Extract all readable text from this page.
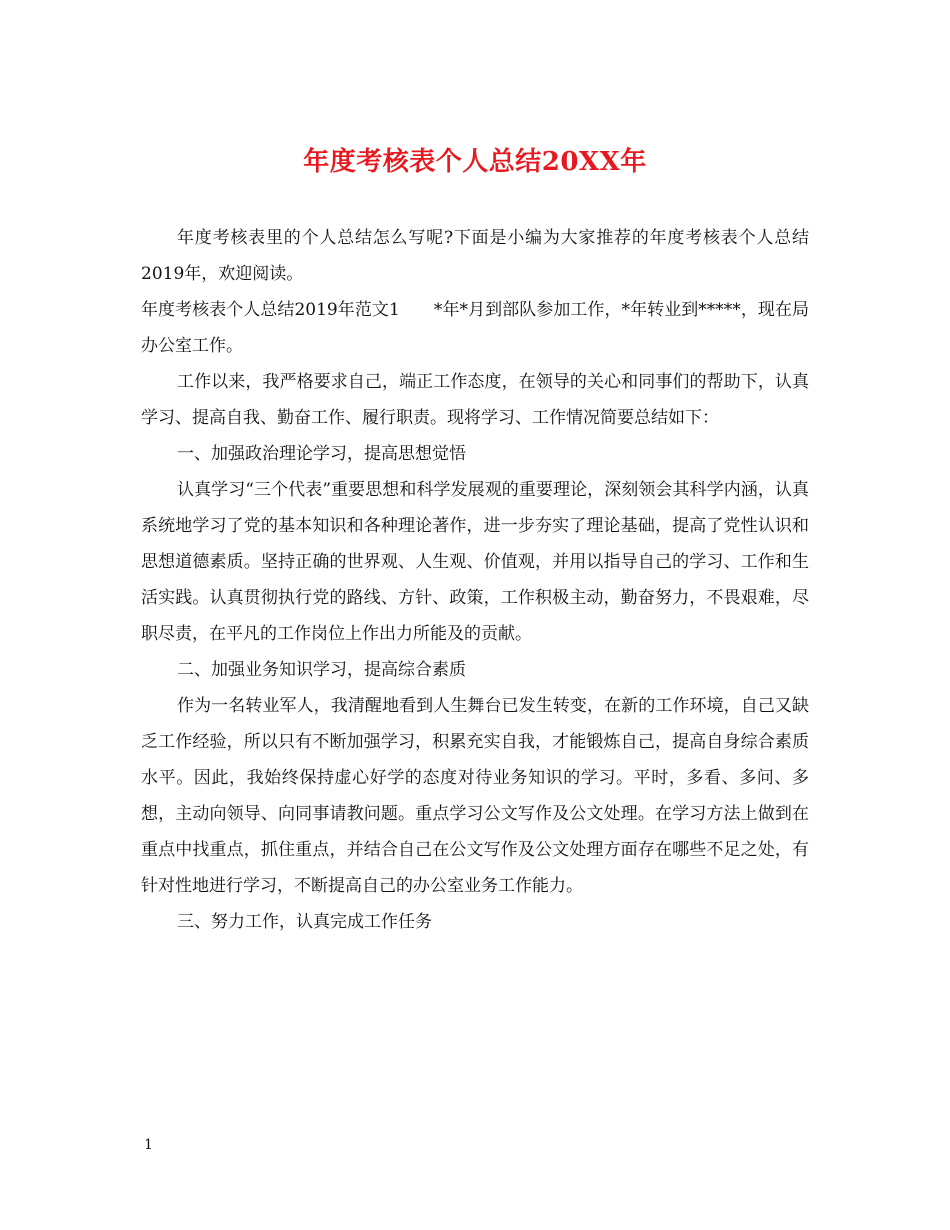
年度考核表个人总结20XX年

年度考核表里的个人总结怎么写呢?下面是小编为大家推荐的年度考核表个人总结2019年，欢迎阅读。

年度考核表个人总结2019年范文1　　*年*月到部队参加工作，*年转业到*****，现在局办公室工作。

工作以来，我严格要求自己，端正工作态度，在领导的关心和同事们的帮助下，认真学习、提高自我、勤奋工作、履行职责。现将学习、工作情况简要总结如下：

一、加强政治理论学习，提高思想觉悟

认真学习“三个代表”重要思想和科学发展观的重要理论，深刻领会其科学内涵，认真系统地学习了党的基本知识和各种理论著作，进一步夯实了理论基础，提高了党性认识和思想道德素质。坚持正确的世界观、人生观、价值观，并用以指导自己的学习、工作和生活实践。认真贯彻执行党的路线、方针、政策，工作积极主动，勤奋努力，不畏艰难，尽职尽责，在平凡的工作岗位上作出力所能及的贡献。

二、加强业务知识学习，提高综合素质

作为一名转业军人，我清醒地看到人生舞台已发生转变，在新的工作环境，自己又缺乏工作经验，所以只有不断加强学习，积累充实自我，才能锻炼自己，提高自身综合素质水平。因此，我始终保持虚心好学的态度对待业务知识的学习。平时，多看、多问、多想，主动向领导、向同事请教问题。重点学习公文写作及公文处理。在学习方法上做到在重点中找重点，抓住重点，并结合自己在公文写作及公文处理方面存在哪些不足之处，有针对性地进行学习，不断提高自己的办公室业务工作能力。

三、努力工作，认真完成工作任务

1
